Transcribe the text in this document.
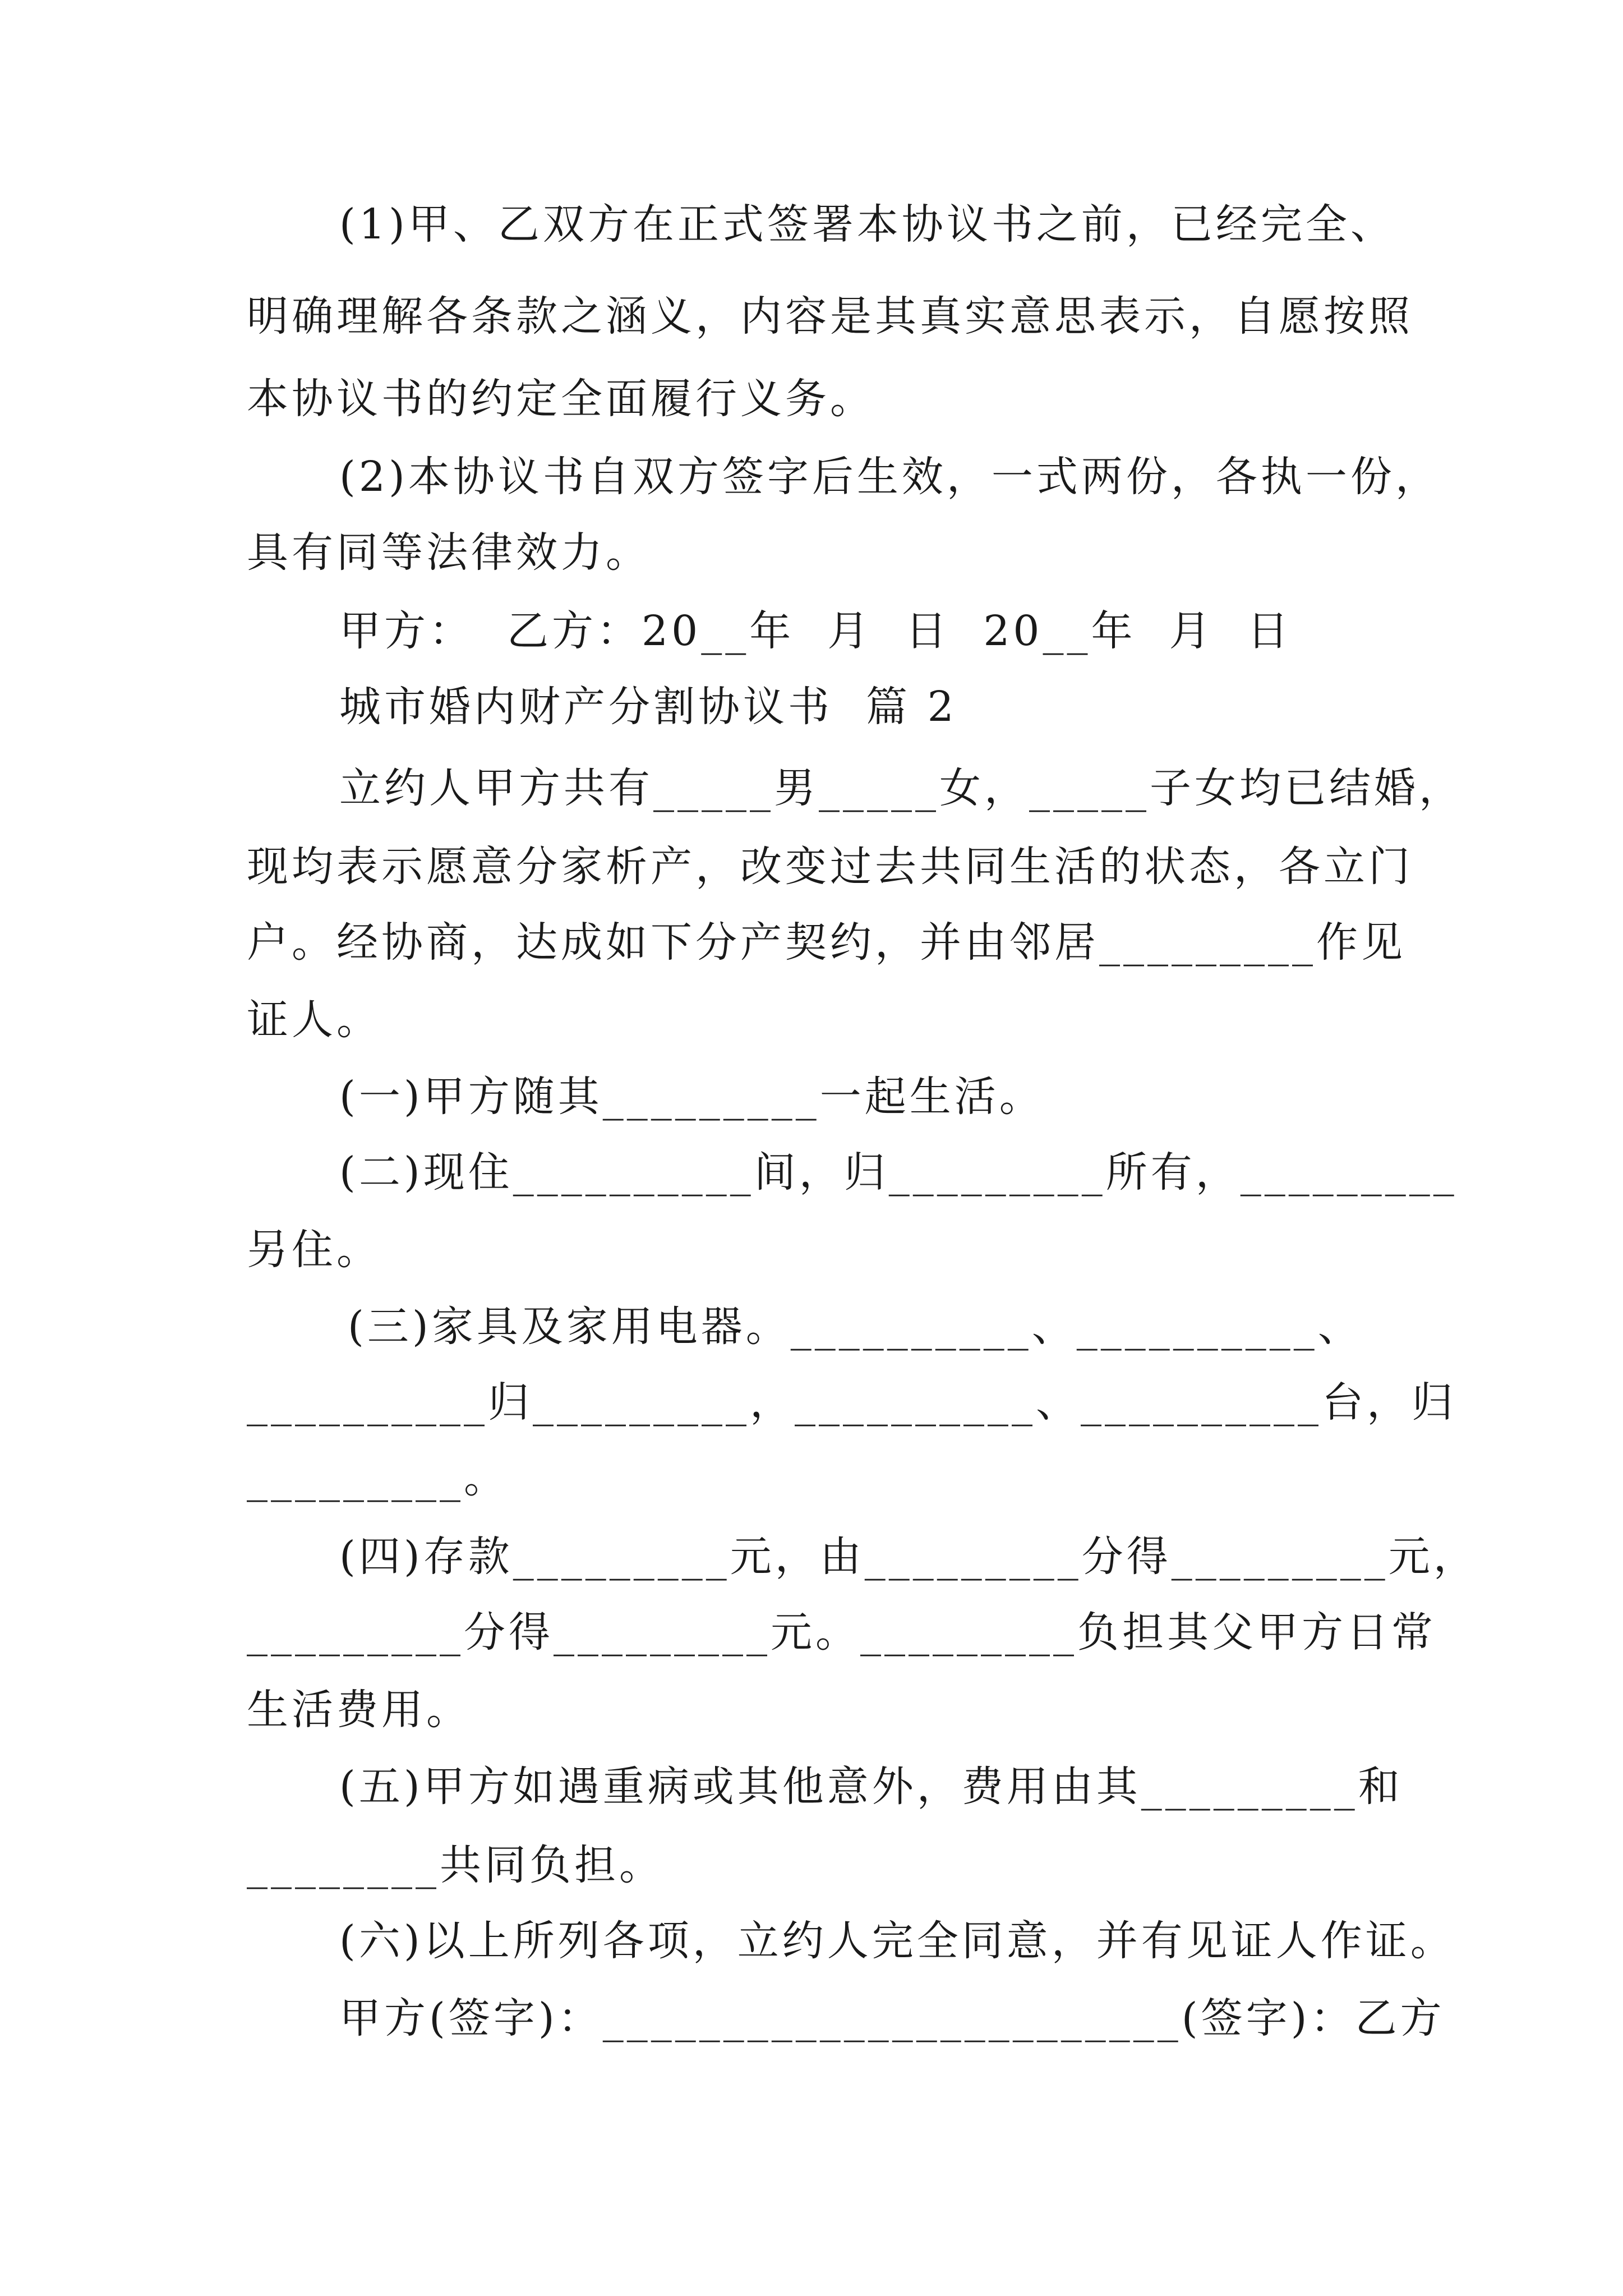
(1)甲、乙双方在正式签署本协议书之前，已经完全、

明确理解各条款之涵义，内容是其真实意思表示，自愿按照

本协议书的约定全面履行义务。

(2)本协议书自双方签字后生效，一式两份，各执一份，

具有同等法律效力。

甲方：  乙方：20__年  月  日  20__年  月  日

城市婚内财产分割协议书  篇 2

立约人甲方共有_____男_____女，_____子女均已结婚，

现均表示愿意分家析产，改变过去共同生活的状态，各立门

户。经协商，达成如下分产契约，并由邻居_________作见

证人。

(一)甲方随其_________一起生活。

(二)现住__________间，归_________所有，_________

另住。

(三)家具及家用电器。__________、__________、

__________归_________，__________、__________台，归

_________。

(四)存款_________元，由_________分得_________元，

_________分得_________元。_________负担其父甲方日常

生活费用。

(五)甲方如遇重病或其他意外，费用由其_________和

________共同负担。

(六)以上所列各项，立约人完全同意，并有见证人作证。

甲方(签字)：________________________(签字)：乙方
